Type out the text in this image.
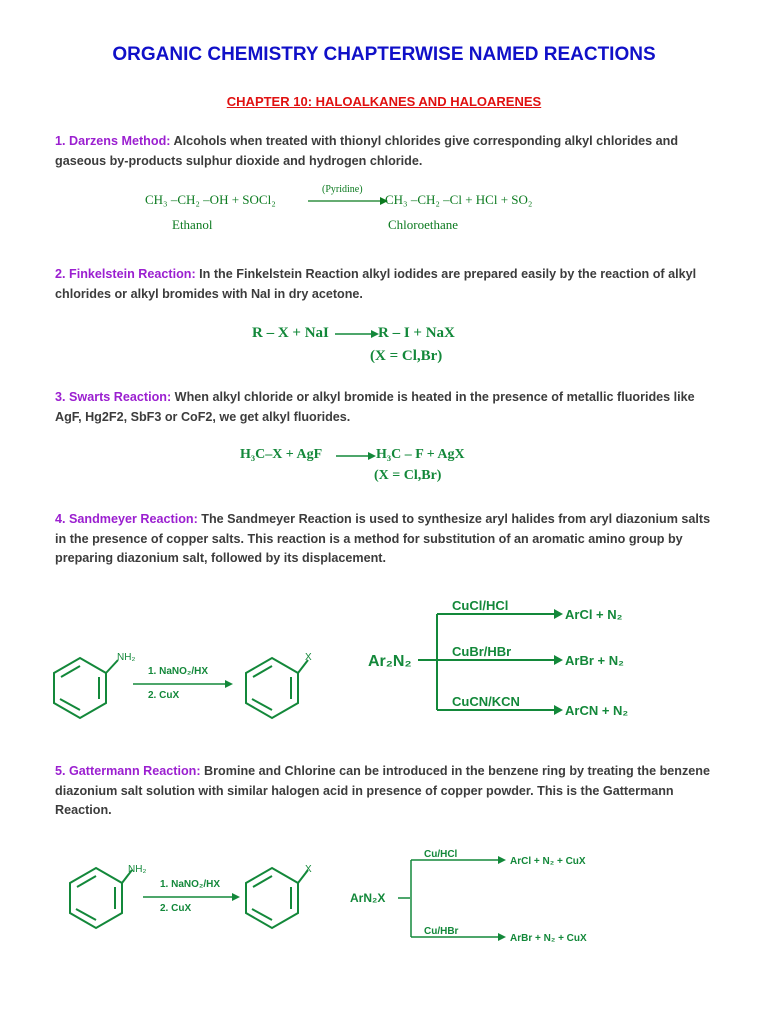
ORGANIC CHEMISTRY CHAPTERWISE NAMED REACTIONS
CHAPTER 10: HALOALKANES AND HALOARENES
1. Darzens Method: Alcohols when treated with thionyl chlorides give corresponding alkyl chlorides and gaseous by-products sulphur dioxide and hydrogen chloride.
CH₃ –CH₂ –OH + SOCl₂
(Pyridine)
CH₃ –CH₂ –Cl + HCl + SO₂
Ethanol	Chloroethane
2. Finkelstein Reaction: In the Finkelstein Reaction alkyl iodides are prepared easily by the reaction of alkyl chlorides or alkyl bromides with NaI in dry acetone.
R – X + NaI → R – I + NaX
(X = Cl,Br)
3. Swarts Reaction: When alkyl chloride or alkyl bromide is heated in the presence of metallic fluorides like AgF, Hg2F2, SbF3 or CoF2, we get alkyl fluorides.
H₃C–X + AgF → H₃C – F + AgX
(X = Cl,Br)
4. Sandmeyer Reaction: The Sandmeyer Reaction is used to synthesize aryl halides from aryl diazonium salts in the presence of copper salts. This reaction is a method for substitution of an aromatic amino group by preparing diazonium salt, followed by its displacement.
NH₂
1. NaNO₂/HX
2. CuX
X	Ar₂N₂
CuCl/HCl
ArCl + N₂
CuBr/HBr
ArBr + N₂
CuCN/KCN
ArCN + N₂
5. Gattermann Reaction: Bromine and Chlorine can be introduced in the benzene ring by treating the benzene diazonium salt solution with similar halogen acid in presence of copper powder. This is the Gattermann Reaction.
NH₂
1. NaNO₂/HX
2. CuX
X
ArN₂X
Cu/HCl
ArCl + N₂ + CuX
Cu/HBr
ArBr + N₂ + CuX
